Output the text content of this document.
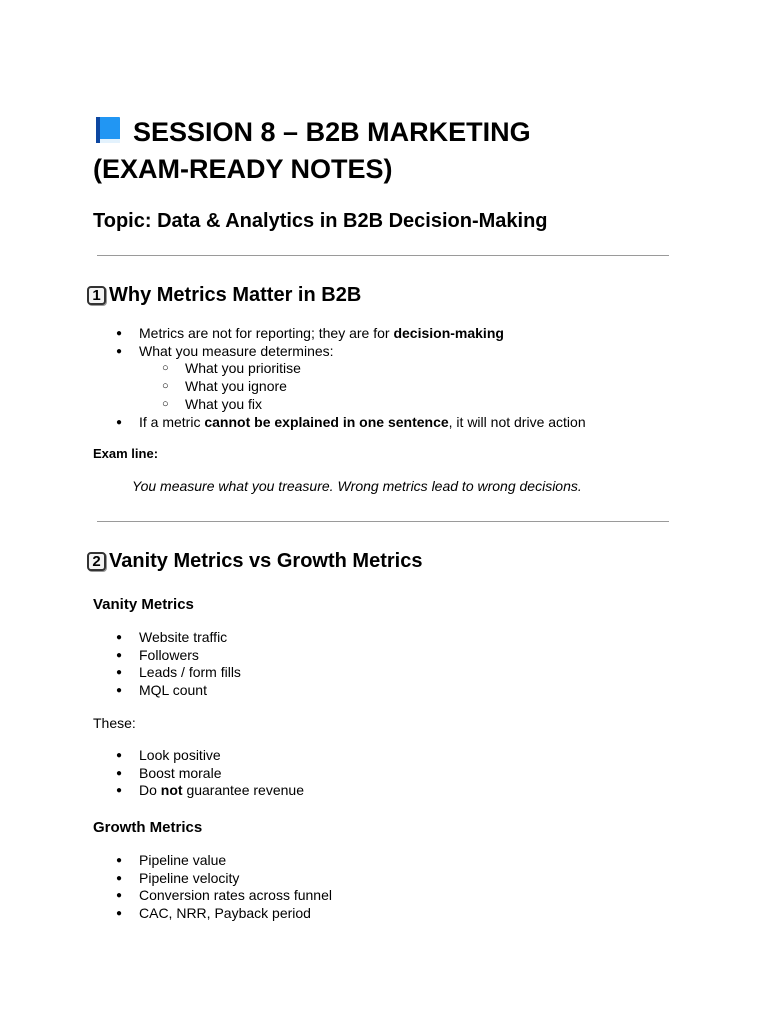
SESSION 8 – B2B MARKETING
(EXAM-READY NOTES)
Topic: Data & Analytics in B2B Decision-Making
1 Why Metrics Matter in B2B
● Metrics are not for reporting; they are for decision-making
● What you measure determines:
○ What you prioritise
○ What you ignore
○ What you fix
● If a metric cannot be explained in one sentence, it will not drive action

Exam line:

You measure what you treasure. Wrong metrics lead to wrong decisions.

2 Vanity Metrics vs Growth Metrics
Vanity Metrics
● Website traffic
● Followers
● Leads / form fills
● MQL count

These:

● Look positive
● Boost morale
● Do not guarantee revenue
Growth Metrics
● Pipeline value
● Pipeline velocity
● Conversion rates across funnel
● CAC, NRR, Payback period
